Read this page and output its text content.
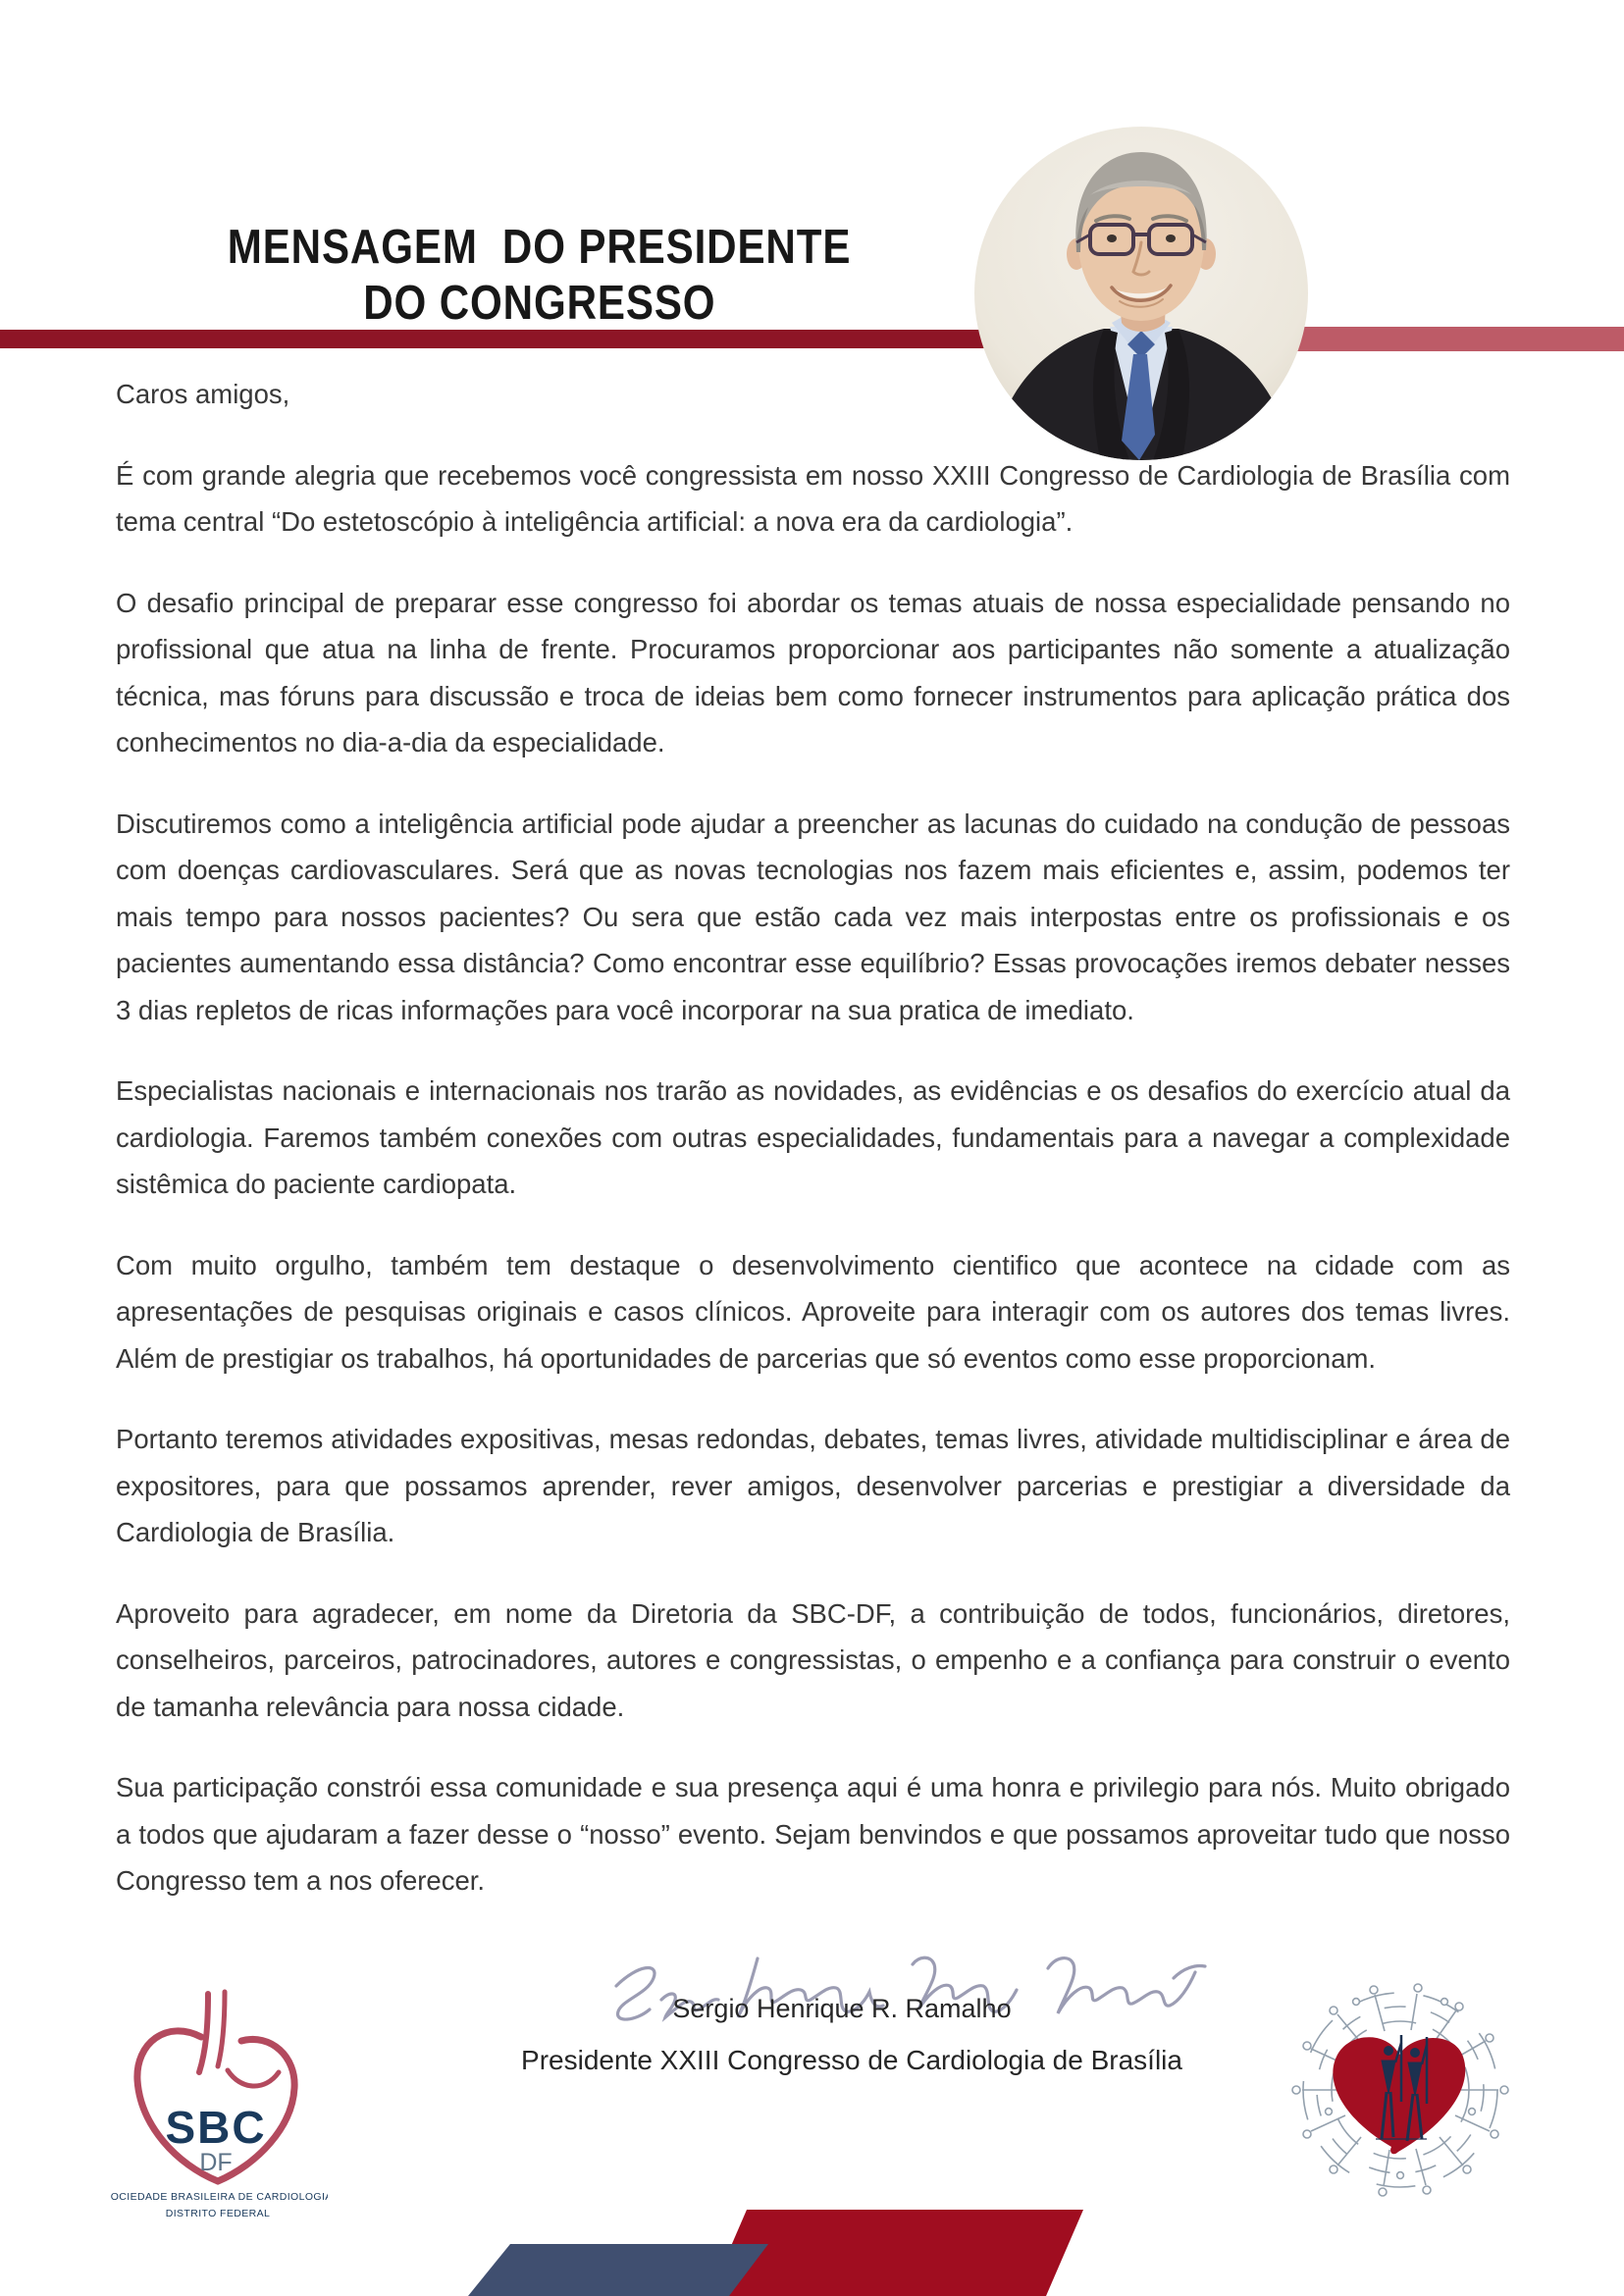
MENSAGEM  DO PRESIDENTE
DO CONGRESSO

Caros amigos,

É com grande alegria que recebemos você congressista em nosso XXIII Congresso de Cardiologia de Brasília com tema central “Do estetoscópio à inteligência artificial: a nova era da cardiologia”.

O desafio principal de preparar esse congresso foi abordar os temas atuais de nossa especialidade pensando no profissional que atua na linha de frente. Procuramos proporcionar aos participantes não somente a atualização técnica, mas fóruns para discussão e troca de ideias bem como fornecer instrumentos para aplicação prática dos conhecimentos no dia-a-dia da especialidade.

Discutiremos como a inteligência artificial pode ajudar a preencher as lacunas do cuidado na condução de pessoas com doenças cardiovasculares. Será que as novas tecnologias nos fazem mais eficientes e, assim, podemos ter mais tempo para nossos pacientes? Ou sera que estão cada vez mais interpostas entre os profissionais e os pacientes aumentando essa distância? Como encontrar esse equilíbrio? Essas provocações iremos debater nesses 3 dias repletos de ricas informações para você incorporar na sua pratica de imediato.

Especialistas nacionais e internacionais nos trarão as novidades, as evidências e os desafios do exercício atual da cardiologia. Faremos também conexões com outras especialidades, fundamentais para a navegar a complexidade sistêmica do paciente cardiopata.

Com muito orgulho, também tem destaque o desenvolvimento cientifico que acontece na cidade com as apresentações de pesquisas originais e casos clínicos. Aproveite para interagir com os autores dos temas livres. Além de prestigiar os trabalhos, há oportunidades de parcerias que só eventos como esse proporcionam.

Portanto teremos atividades expositivas, mesas redondas, debates, temas livres, atividade multidisciplinar e área de expositores, para que possamos aprender, rever amigos, desenvolver parcerias e prestigiar a diversidade da Cardiologia de Brasília.

Aproveito para agradecer, em nome da Diretoria da SBC-DF, a contribuição de todos, funcionários, diretores, conselheiros, parceiros, patrocinadores, autores e congressistas, o empenho e a confiança para construir o evento de tamanha relevância para nossa cidade.

Sua participação constrói essa comunidade e sua presença aqui é uma honra e privilegio para nós. Muito obrigado a todos que ajudaram a fazer desse o “nosso” evento. Sejam benvindos e que possamos aproveitar tudo que nosso Congresso tem a nos oferecer.

Sergio Henrique R. Ramalho
Presidente XXIII Congresso de Cardiologia de Brasília
SBC
DF
SOCIEDADE BRASILEIRA DE CARDIOLOGIA
DISTRITO FEDERAL
